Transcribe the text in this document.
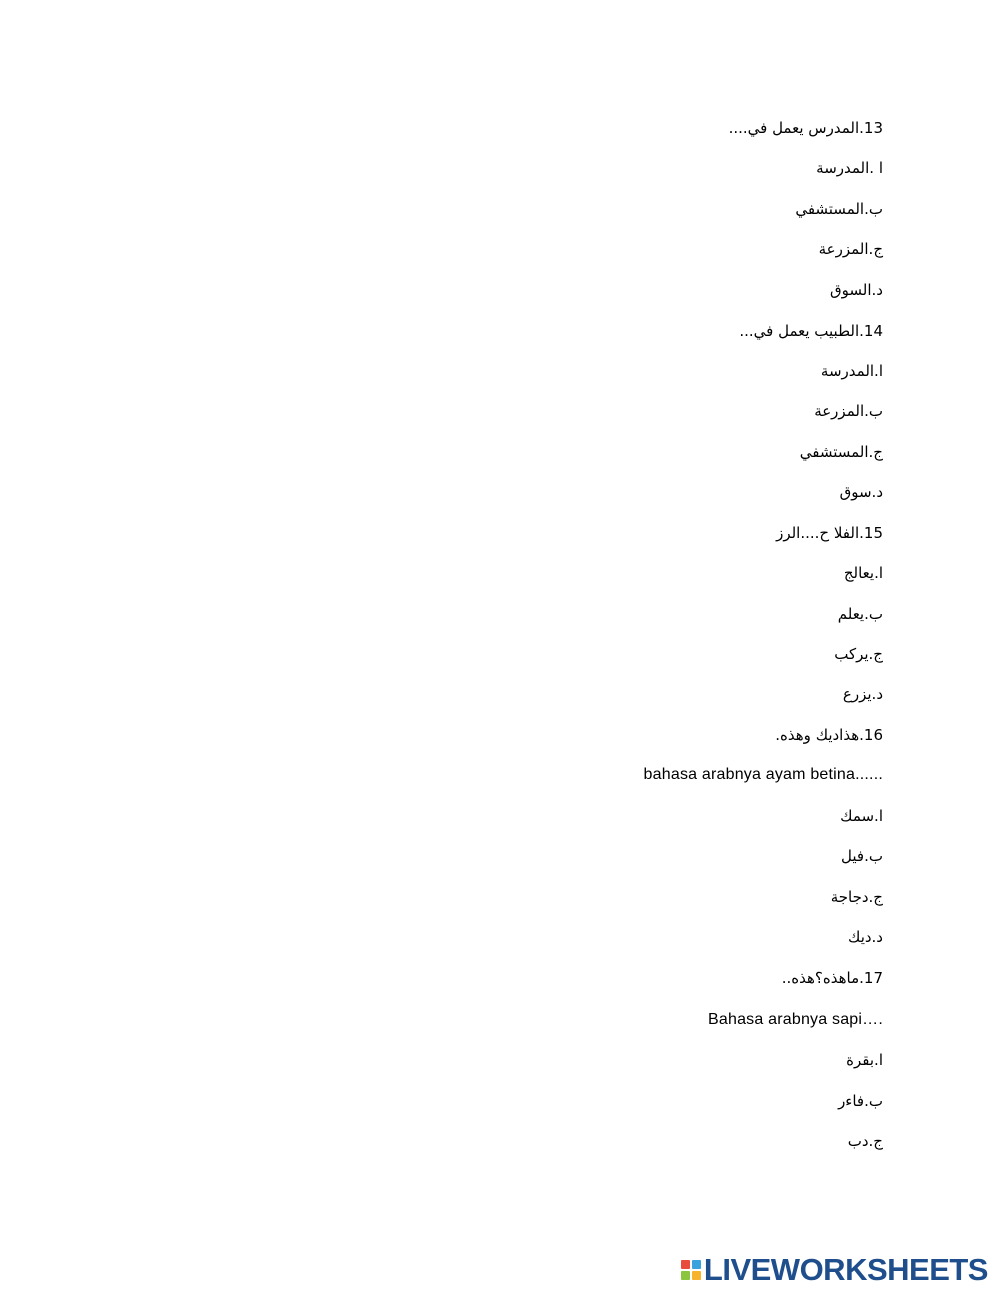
13.المدرس يعمل في....
ا .المدرسة
ب.المستشفي
ج.المزرعة
د.السوق
14.الطبيب يعمل في...
ا.المدرسة
ب.المزرعة
ج.المستشفي
د.سوق
15.الفلا ح....الرز
ا.يعالج
ب.يعلم
ج.يركب
د.يزرع
16.هذاديك وهذه.
bahasa arabnya ayam betina......
ا.سمك
ب.فيل
ج.دجاجة
د.ديك
17.ماهذه؟هذه..
Bahasa arabnya sapi….
ا.بقرة
ب.فاءر
ج.دب
LIVEWORKSHEETS
